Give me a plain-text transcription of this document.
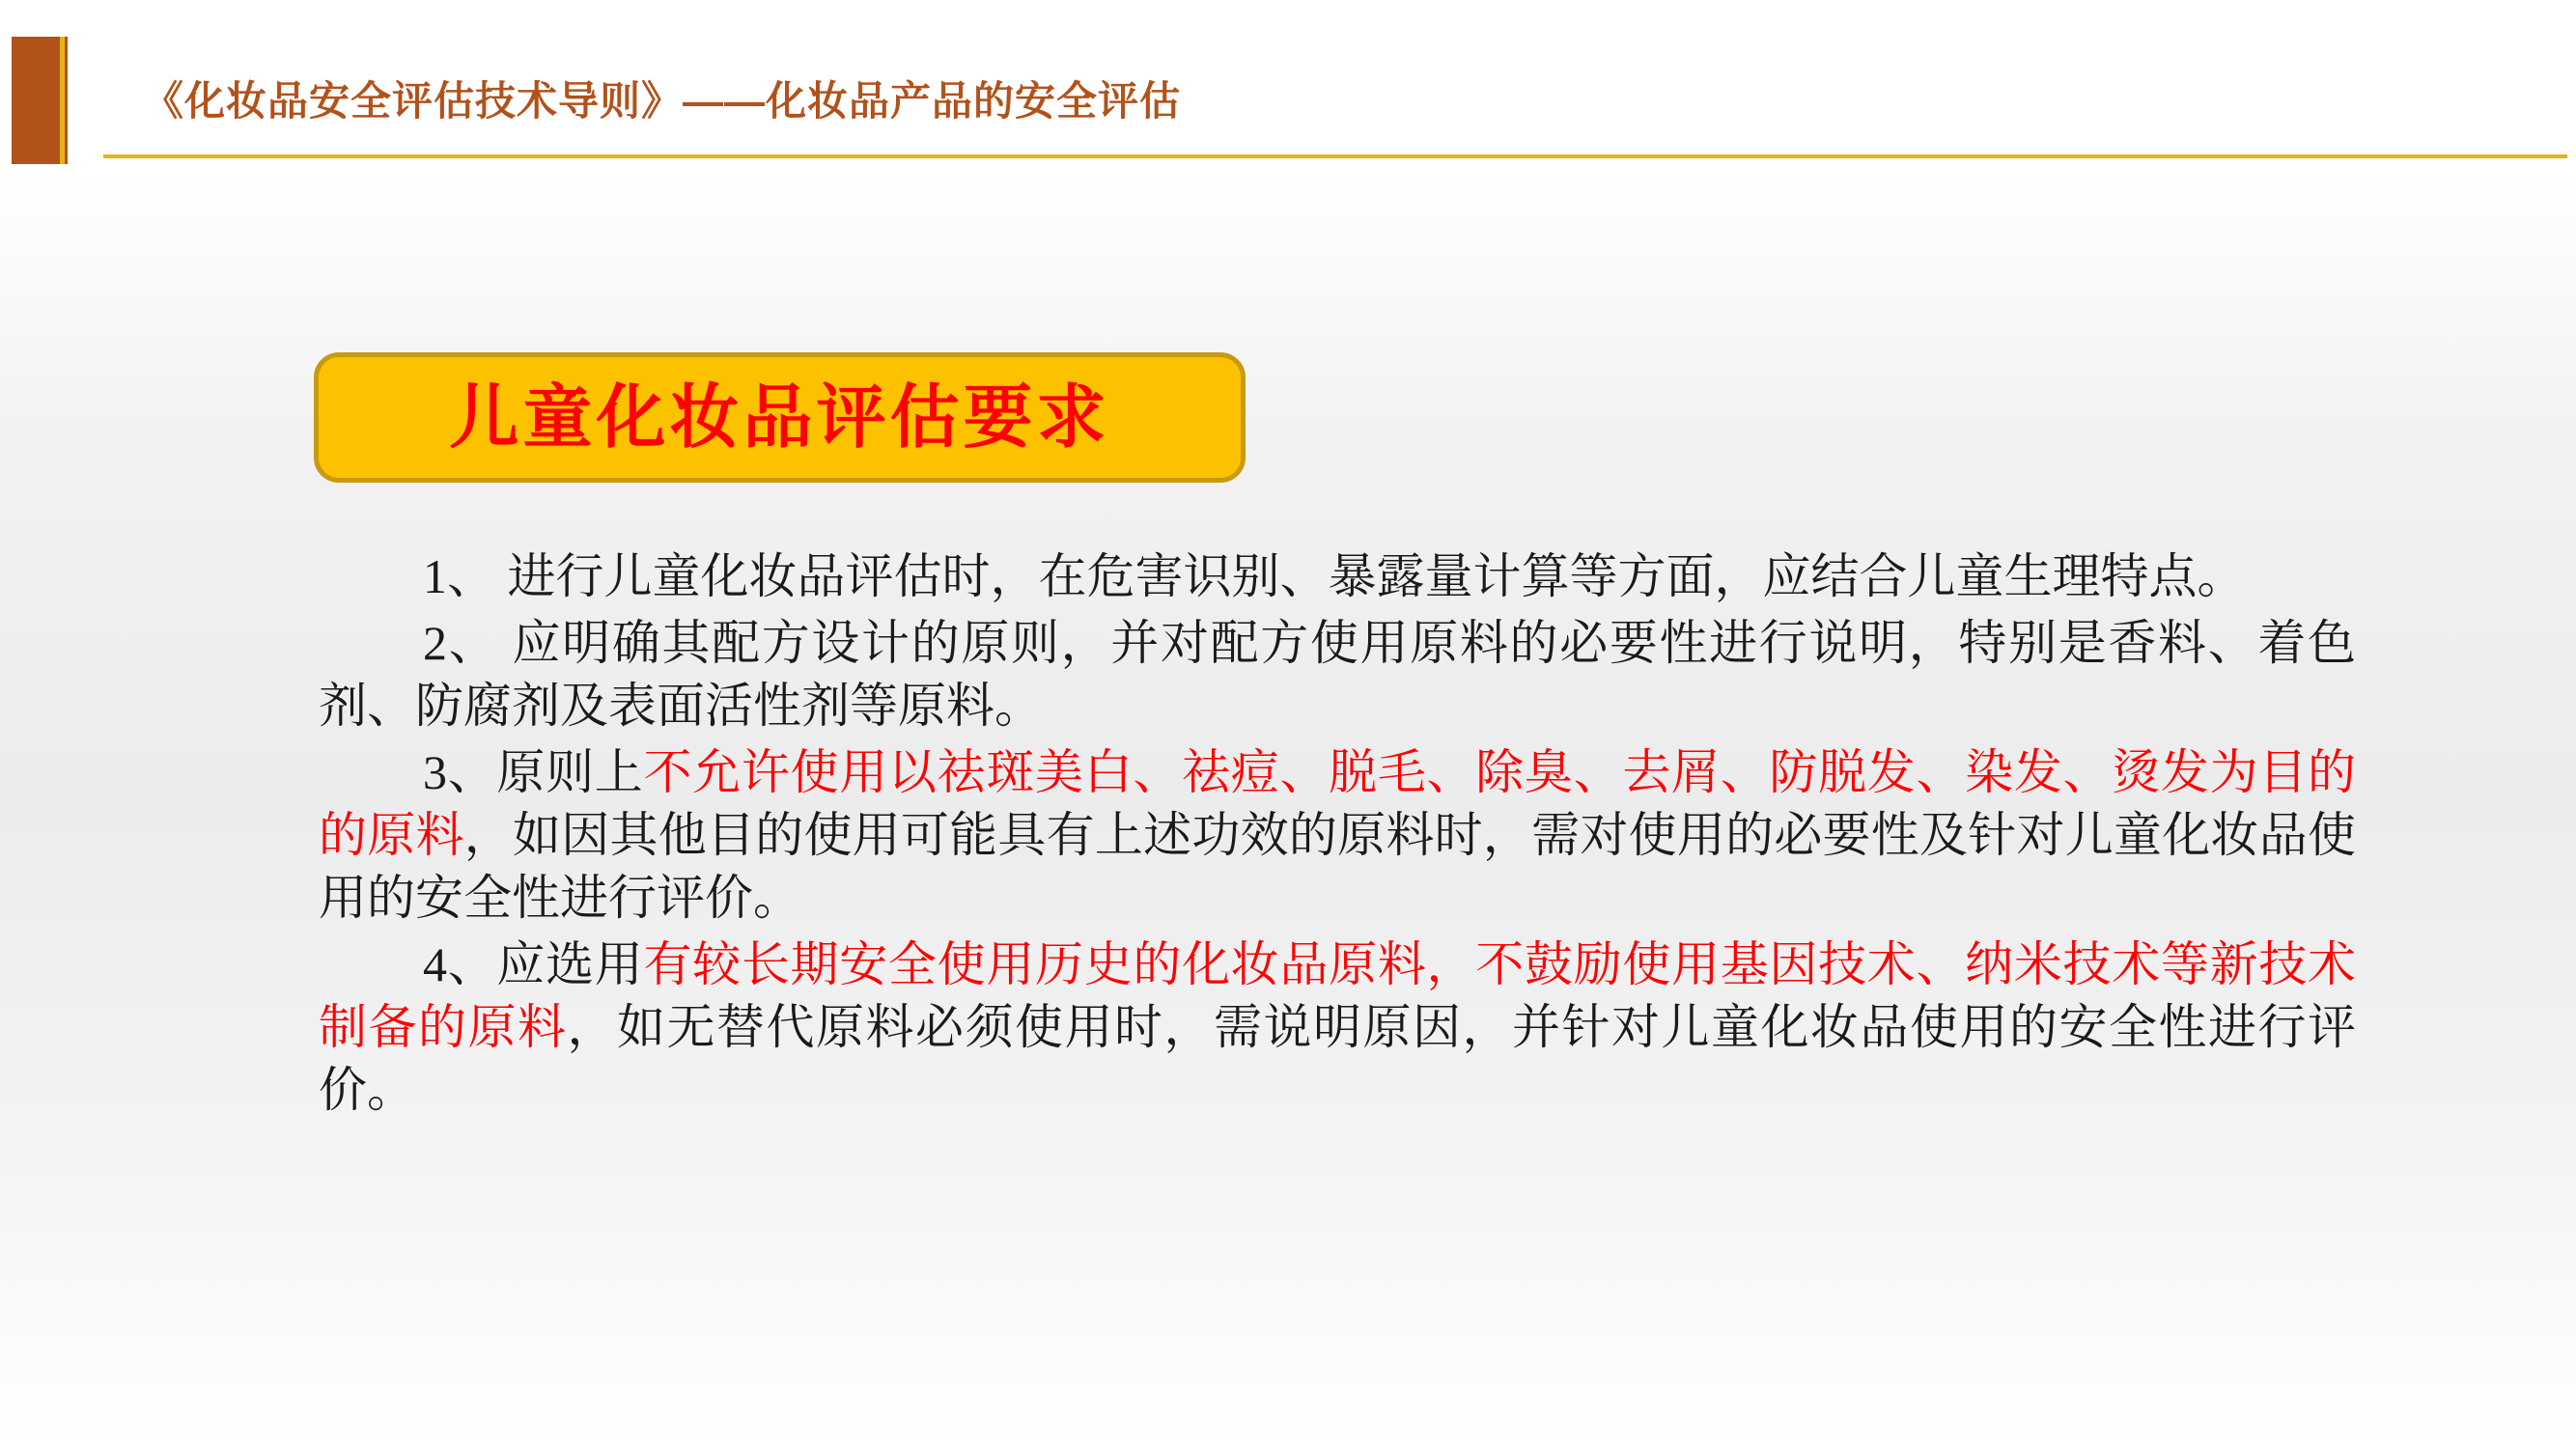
《化妆品安全评估技术导则》——化妆品产品的安全评估
儿童化妆品评估要求

1、 进行儿童化妆品评估时，在危害识别、暴露量计算等方面，应结合儿童生理特点。

2、 应明确其配方设计的原则，并对配方使用原料的必要性进行说明，特别是香料、着色剂、防腐剂及表面活性剂等原料。

3、原则上不允许使用以祛斑美白、祛痘、脱毛、除臭、去屑、防脱发、染发、烫发为目的的原料，如因其他目的使用可能具有上述功效的原料时，需对使用的必要性及针对儿童化妆品使用的安全性进行评价。

4、应选用有较长期安全使用历史的化妆品原料，不鼓励使用基因技术、纳米技术等新技术制备的原料，如无替代原料必须使用时，需说明原因，并针对儿童化妆品使用的安全性进行评价。
